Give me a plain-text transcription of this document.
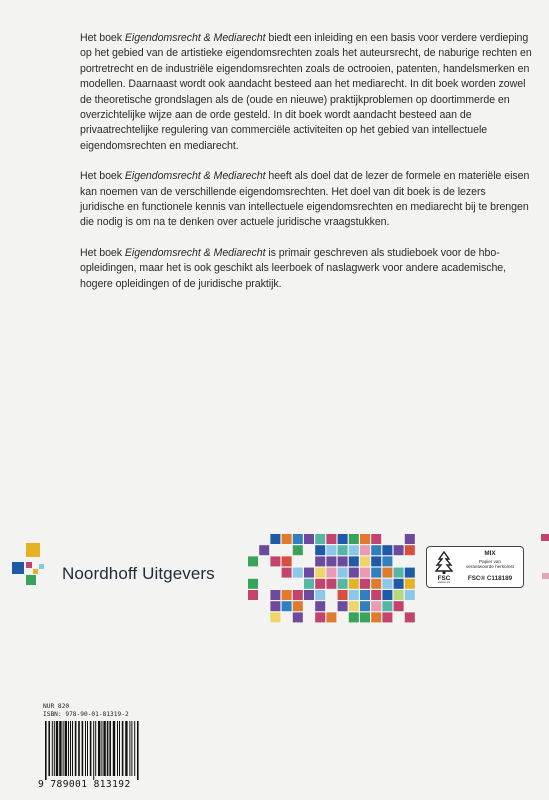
Het boek Eigendomsrecht & Mediarecht biedt een inleiding en een basis voor verdere verdieping op het gebied van de artistieke eigendomsrechten zoals het auteursrecht, de naburige rechten en portretrecht en de industriële eigendomsrechten zoals de octrooien, patenten, handelsmerken en modellen. Daarnaast wordt ook aandacht besteed aan het mediarecht. In dit boek worden zowel de theoretische grondslagen als de (oude en nieuwe) praktijkproblemen op doortimmerde en overzichtelijke wijze aan de orde gesteld. In dit boek wordt aandacht besteed aan de privaatrechtelijke regulering van commerciële activiteiten op het gebied van intellectuele eigendomsrechten en mediarecht.

Het boek Eigendomsrecht & Mediarecht heeft als doel dat de lezer de formele en materiële eisen kan noemen van de verschillende eigendomsrechten. Het doel van dit boek is de lezers juridische en functionele kennis van intellectuele eigendomsrechten en mediarecht bij te brengen die nodig is om na te denken over actuele juridische vraagstukken.

Het boek Eigendomsrecht & Mediarecht is primair geschreven als studieboek voor de hbo-opleidingen, maar het is ook geschikt als leerboek of naslagwerk voor andere academische, hogere opleidingen of de juridische praktijk.

Noordhoff Uitgevers	FSC
www.fsc.org
MIX
Papier van
verantwoorde herkomst
FSC® C118189
NUR 820
ISBN: 978-90-01-81319-2
9 789001 813192
